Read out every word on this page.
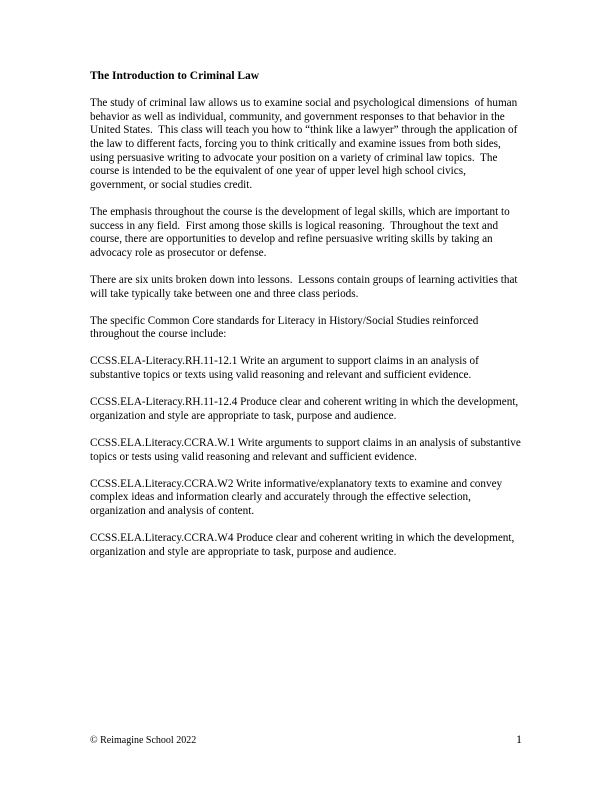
The Introduction to Criminal Law

The study of criminal law allows us to examine social and psychological dimensions  of human behavior as well as individual, community, and government responses to that behavior in the United States.  This class will teach you how to “think like a lawyer” through the application of the law to different facts, forcing you to think critically and examine issues from both sides, using persuasive writing to advocate your position on a variety of criminal law topics.  The course is intended to be the equivalent of one year of upper level high school civics, government, or social studies credit.

The emphasis throughout the course is the development of legal skills, which are important to success in any field.  First among those skills is logical reasoning.  Throughout the text and course, there are opportunities to develop and refine persuasive writing skills by taking an advocacy role as prosecutor or defense.

There are six units broken down into lessons.  Lessons contain groups of learning activities that will take typically take between one and three class periods.

The specific Common Core standards for Literacy in History/Social Studies reinforced throughout the course include:

CCSS.ELA-Literacy.RH.11-12.1 Write an argument to support claims in an analysis of substantive topics or texts using valid reasoning and relevant and sufficient evidence.

CCSS.ELA-Literacy.RH.11-12.4 Produce clear and coherent writing in which the development, organization and style are appropriate to task, purpose and audience.

CCSS.ELA.Literacy.CCRA.W.1 Write arguments to support claims in an analysis of substantive topics or tests using valid reasoning and relevant and sufficient evidence.

CCSS.ELA.Literacy.CCRA.W2 Write informative/explanatory texts to examine and convey complex ideas and information clearly and accurately through the effective selection, organization and analysis of content.

CCSS.ELA.Literacy.CCRA.W4 Produce clear and coherent writing in which the development, organization and style are appropriate to task, purpose and audience.

© Reimagine School 2022	1
